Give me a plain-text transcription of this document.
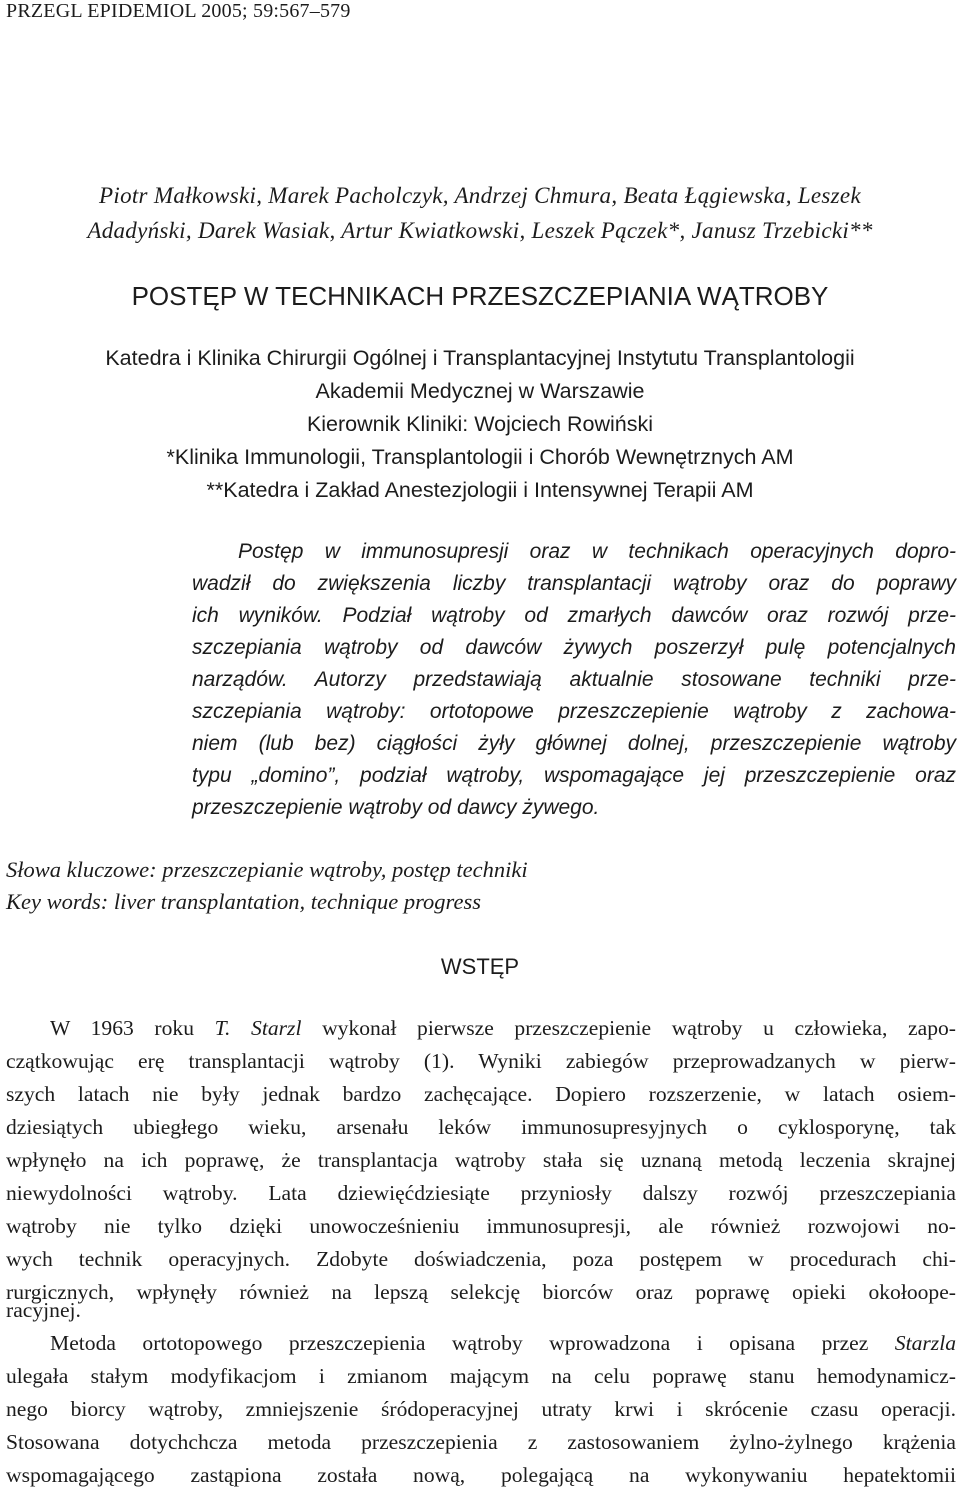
PRZEGL EPIDEMIOL 2005; 59:567–579
Piotr Małkowski, Marek Pacholczyk, Andrzej Chmura, Beata Łągiewska, Leszek
Adadyński, Darek Wasiak, Artur Kwiatkowski, Leszek Pączek*, Janusz Trzebicki**
POSTĘP W TECHNIKACH PRZESZCZEPIANIA WĄTROBY
Katedra i Klinika Chirurgii Ogólnej i Transplantacyjnej Instytutu Transplantologii
Akademii Medycznej w Warszawie
Kierownik Kliniki: Wojciech Rowiński
*Klinika Immunologii, Transplantologii i Chorób Wewnętrznych AM
**Katedra i Zakład Anestezjologii i Intensywnej Terapii AM
Postęp w immunosupresji oraz w technikach operacyjnych dopro-
wadził do zwiększenia liczby transplantacji wątroby oraz do poprawy
ich wyników. Podział wątroby od zmarłych dawców oraz rozwój prze-
szczepiania wątroby od dawców żywych poszerzył pulę potencjalnych
narządów. Autorzy przedstawiają aktualnie stosowane techniki prze-
szczepiania wątroby: ortotopowe przeszczepienie wątroby z zachowa-
niem (lub bez) ciągłości żyły głównej dolnej, przeszczepienie wątroby
typu „domino”, podział wątroby, wspomagające jej przeszczepienie oraz
przeszczepienie wątroby od dawcy żywego.
Słowa kluczowe: przeszczepianie wątroby, postęp techniki
Key words: liver transplantation, technique progress
WSTĘP
W 1963 roku T. Starzl wykonał pierwsze przeszczepienie wątroby u człowieka, zapo-
czątkowując erę transplantacji wątroby (1). Wyniki zabiegów przeprowadzanych w pierw-
szych latach nie były jednak bardzo zachęcające. Dopiero rozszerzenie, w latach osiem-
dziesiątych ubiegłego wieku, arsenału leków immunosupresyjnych o cyklosporynę, tak
wpłynęło na ich poprawę, że transplantacja wątroby stała się uznaną metodą leczenia skrajnej
niewydolności wątroby. Lata dziewięćdziesiąte przyniosły dalszy rozwój przeszczepiania
wątroby nie tylko dzięki unowocześnieniu immunosupresji, ale również rozwojowi no-
wych technik operacyjnych. Zdobyte doświadczenia, poza postępem w procedurach chi-
rurgicznych, wpłynęły również na lepszą selekcję biorców oraz poprawę opieki okołoope-
racyjnej.
Metoda ortotopowego przeszczepienia wątroby wprowadzona i opisana przez Starzla
ulegała stałym modyfikacjom i zmianom mającym na celu poprawę stanu hemodynamicz-
nego biorcy wątroby, zmniejszenie śródoperacyjnej utraty krwi i skrócenie czasu operacji.
Stosowana dotychchcza metoda przeszczepienia z zastosowaniem żylno-żylnego krążenia
wspomagającego zastąpiona została nową, polegającą na wykonywaniu hepatektomii
